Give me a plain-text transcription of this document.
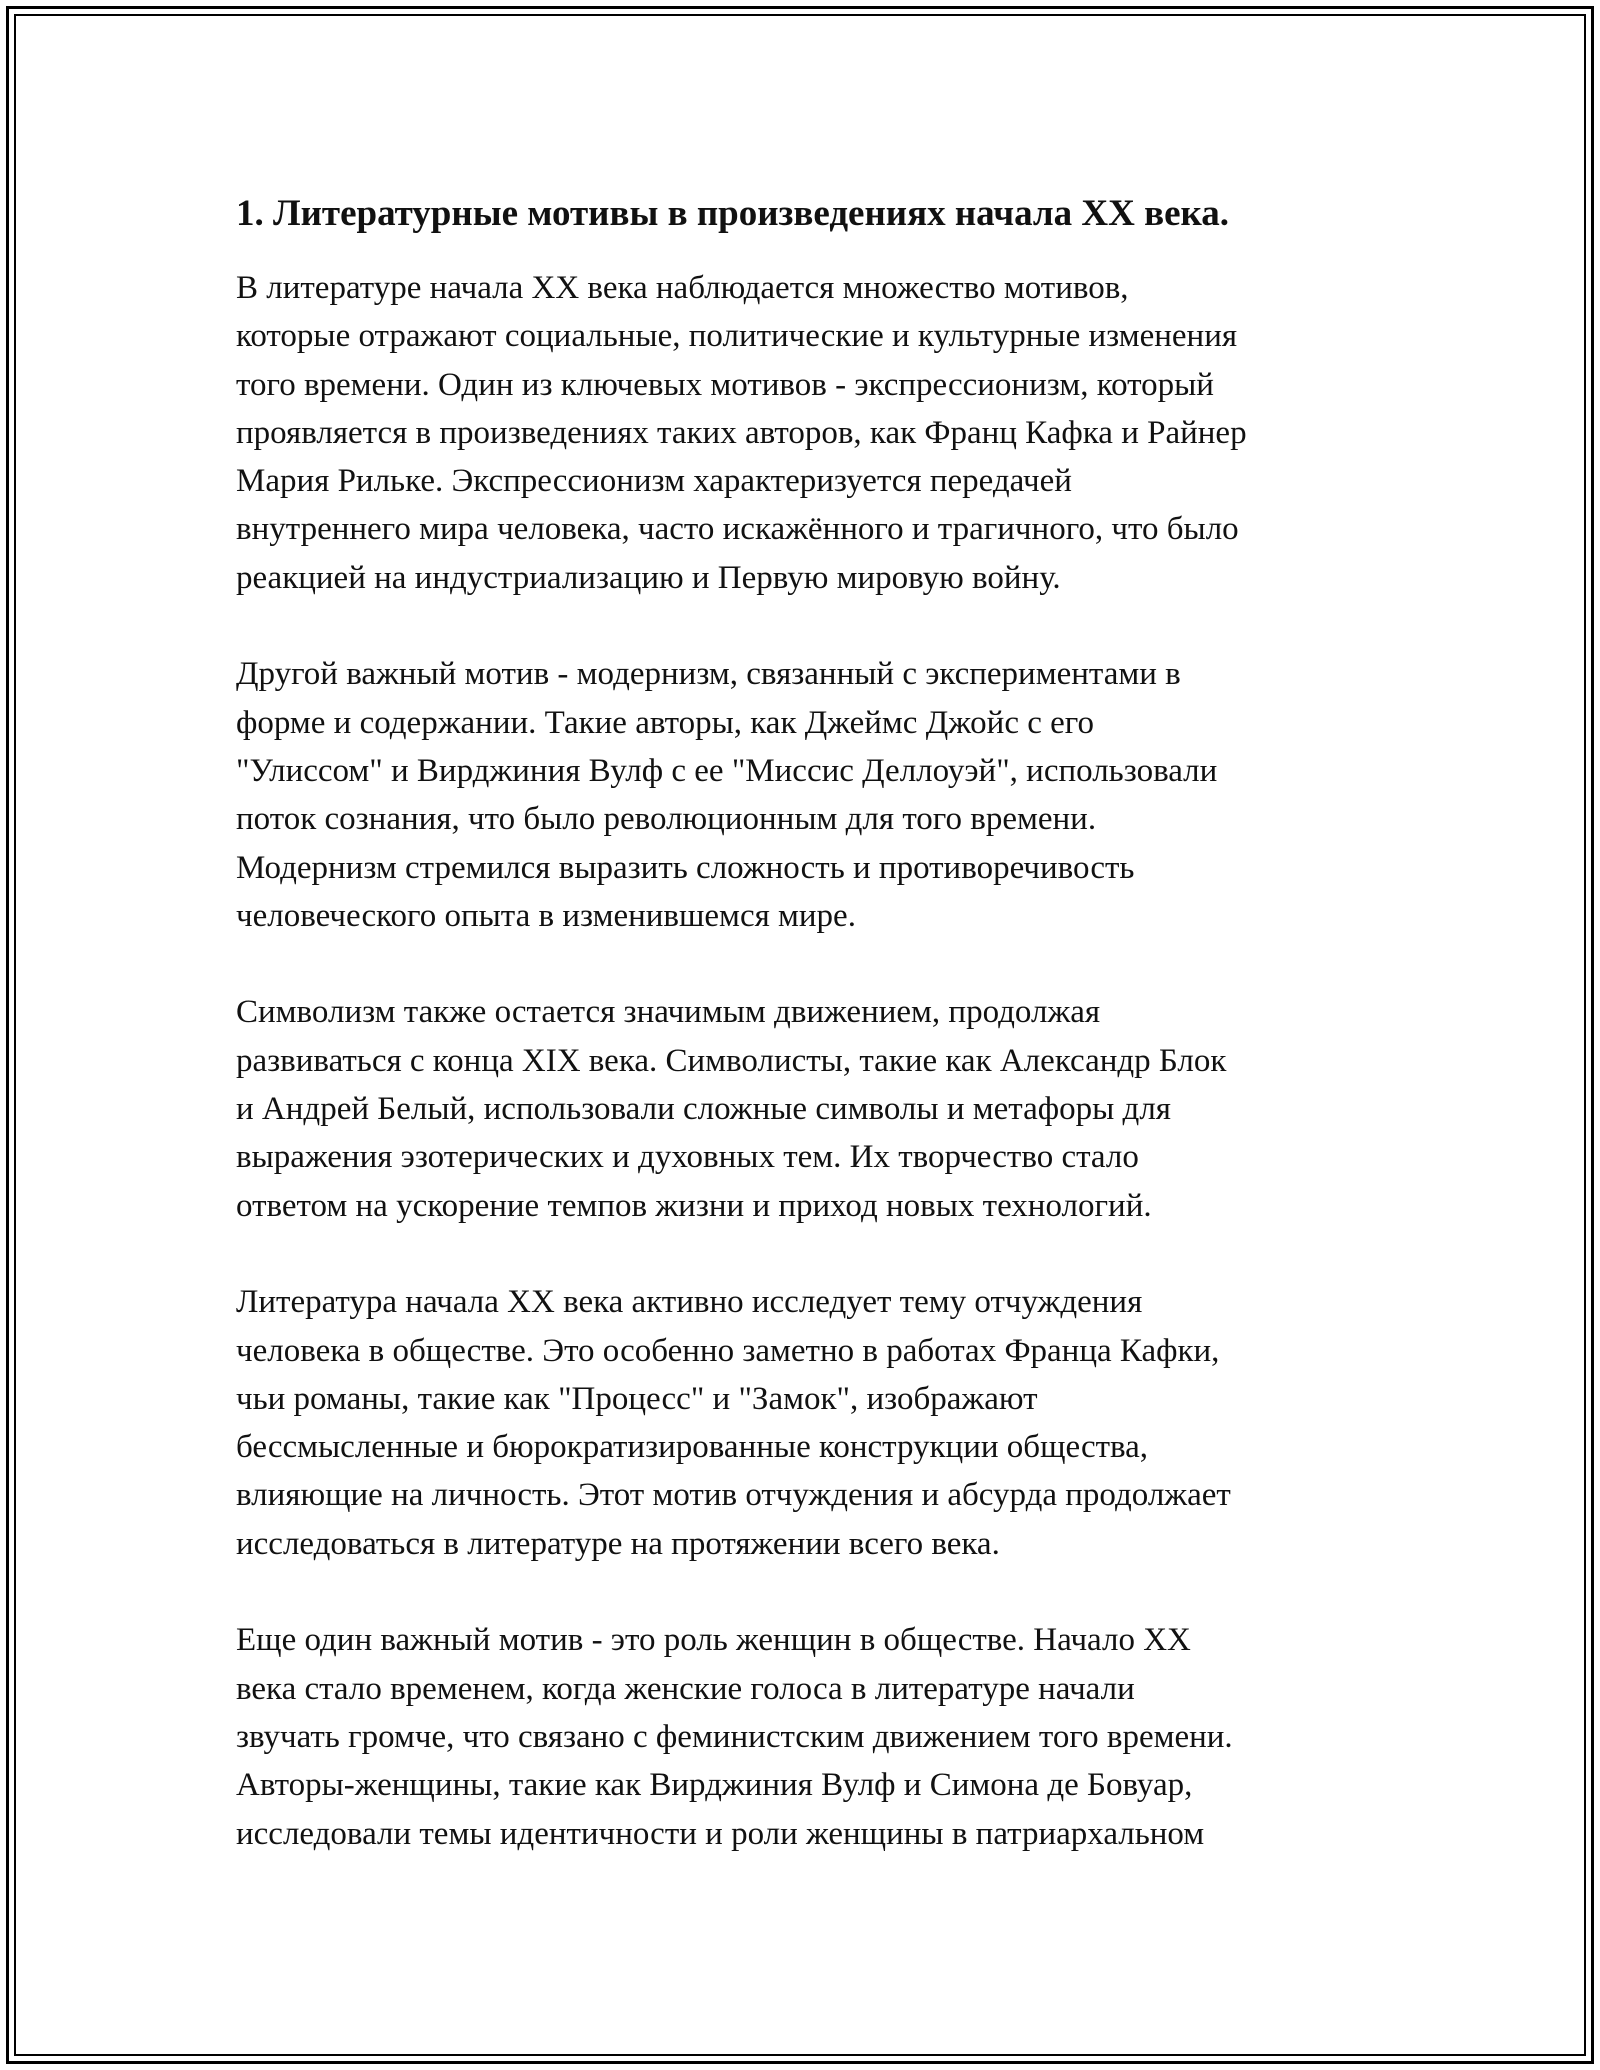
1. Литературные мотивы в произведениях начала XX века.
В литературе начала XX века наблюдается множество мотивов,
которые отражают социальные, политические и культурные изменения
того времени. Один из ключевых мотивов - экспрессионизм, который
проявляется в произведениях таких авторов, как Франц Кафка и Райнер
Мария Рильке. Экспрессионизм характеризуется передачей
внутреннего мира человека, часто искажённого и трагичного, что было
реакцией на индустриализацию и Первую мировую войну.
Другой важный мотив - модернизм, связанный с экспериментами в
форме и содержании. Такие авторы, как Джеймс Джойс с его
"Улиссом" и Вирджиния Вулф с ее "Миссис Деллоуэй", использовали
поток сознания, что было революционным для того времени.
Модернизм стремился выразить сложность и противоречивость
человеческого опыта в изменившемся мире.
Символизм также остается значимым движением, продолжая
развиваться с конца XIX века. Символисты, такие как Александр Блок
и Андрей Белый, использовали сложные символы и метафоры для
выражения эзотерических и духовных тем. Их творчество стало
ответом на ускорение темпов жизни и приход новых технологий.
Литература начала XX века активно исследует тему отчуждения
человека в обществе. Это особенно заметно в работах Франца Кафки,
чьи романы, такие как "Процесс" и "Замок", изображают
бессмысленные и бюрократизированные конструкции общества,
влияющие на личность. Этот мотив отчуждения и абсурда продолжает
исследоваться в литературе на протяжении всего века.
Еще один важный мотив - это роль женщин в обществе. Начало XX
века стало временем, когда женские голоса в литературе начали
звучать громче, что связано с феминистским движением того времени.
Авторы-женщины, такие как Вирджиния Вулф и Симона де Бовуар,
исследовали темы идентичности и роли женщины в патриархальном
